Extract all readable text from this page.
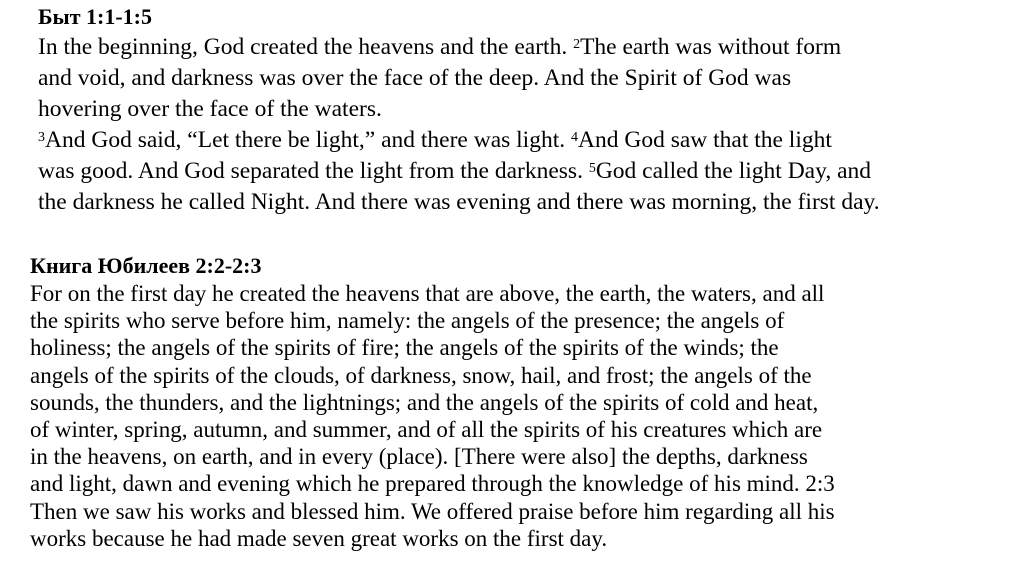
Быт 1:1-1:5
In the beginning, God created the heavens and the earth. $^2$The earth was without form
and void, and darkness was over the face of the deep. And the Spirit of God was
hovering over the face of the waters.
$^3$And God said, “Let there be light,” and there was light. $^4$And God saw that the light
was good. And God separated the light from the darkness. $^5$God called the light Day, and
the darkness he called Night. And there was evening and there was morning, the first day.
Книга Юбилеев 2:2-2:3
For on the first day he created the heavens that are above, the earth, the waters, and all
the spirits who serve before him, namely: the angels of the presence; the angels of
holiness; the angels of the spirits of fire; the angels of the spirits of the winds; the
angels of the spirits of the clouds, of darkness, snow, hail, and frost; the angels of the
sounds, the thunders, and the lightnings; and the angels of the spirits of cold and heat,
of winter, spring, autumn, and summer, and of all the spirits of his creatures which are
in the heavens, on earth, and in every (place). [There were also] the depths, darkness
and light, dawn and evening which he prepared through the knowledge of his mind. 2:3
Then we saw his works and blessed him. We offered praise before him regarding all his
works because he had made seven great works on the first day.
